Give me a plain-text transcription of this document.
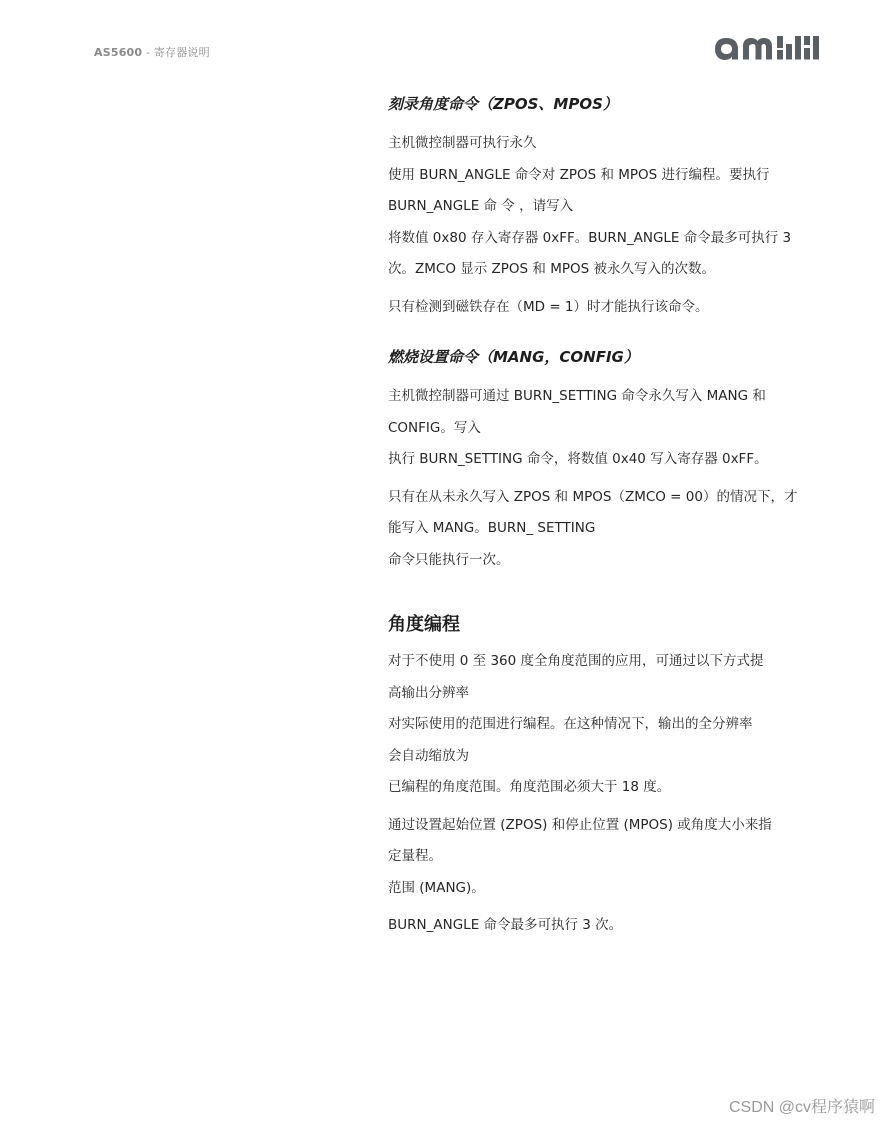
AS5600 - 寄存器说明
刻录角度命令（ZPOS、MPOS）

主机微控制器可执行永久

使用 BURN_ANGLE 命令对 ZPOS 和 MPOS 进行编程。要执行

BURN_ANGLE 命 令 ，请写入

将数值 0x80 存入寄存器 0xFF。BURN_ANGLE 命令最多可执行 3

次。ZMCO 显示 ZPOS 和 MPOS 被永久写入的次数。

只有检测到磁铁存在（MD = 1）时才能执行该命令。

燃烧设置命令（MANG，CONFIG）

主机微控制器可通过 BURN_SETTING 命令永久写入 MANG 和

CONFIG。写入

执行 BURN_SETTING 命令，将数值 0x40 写入寄存器 0xFF。

只有在从未永久写入 ZPOS 和 MPOS（ZMCO = 00）的情况下，才

能写入 MANG。BURN_ SETTING

命令只能执行一次。

角度编程

对于不使用 0 至 360 度全角度范围的应用，可通过以下方式提

高输出分辨率

对实际使用的范围进行编程。在这种情况下，输出的全分辨率

会自动缩放为

已编程的角度范围。角度范围必须大于 18 度。

通过设置起始位置 (ZPOS) 和停止位置 (MPOS) 或角度大小来指

定量程。

范围 (MANG)。

BURN_ANGLE 命令最多可执行 3 次。

CSDN @cv程序猿啊
